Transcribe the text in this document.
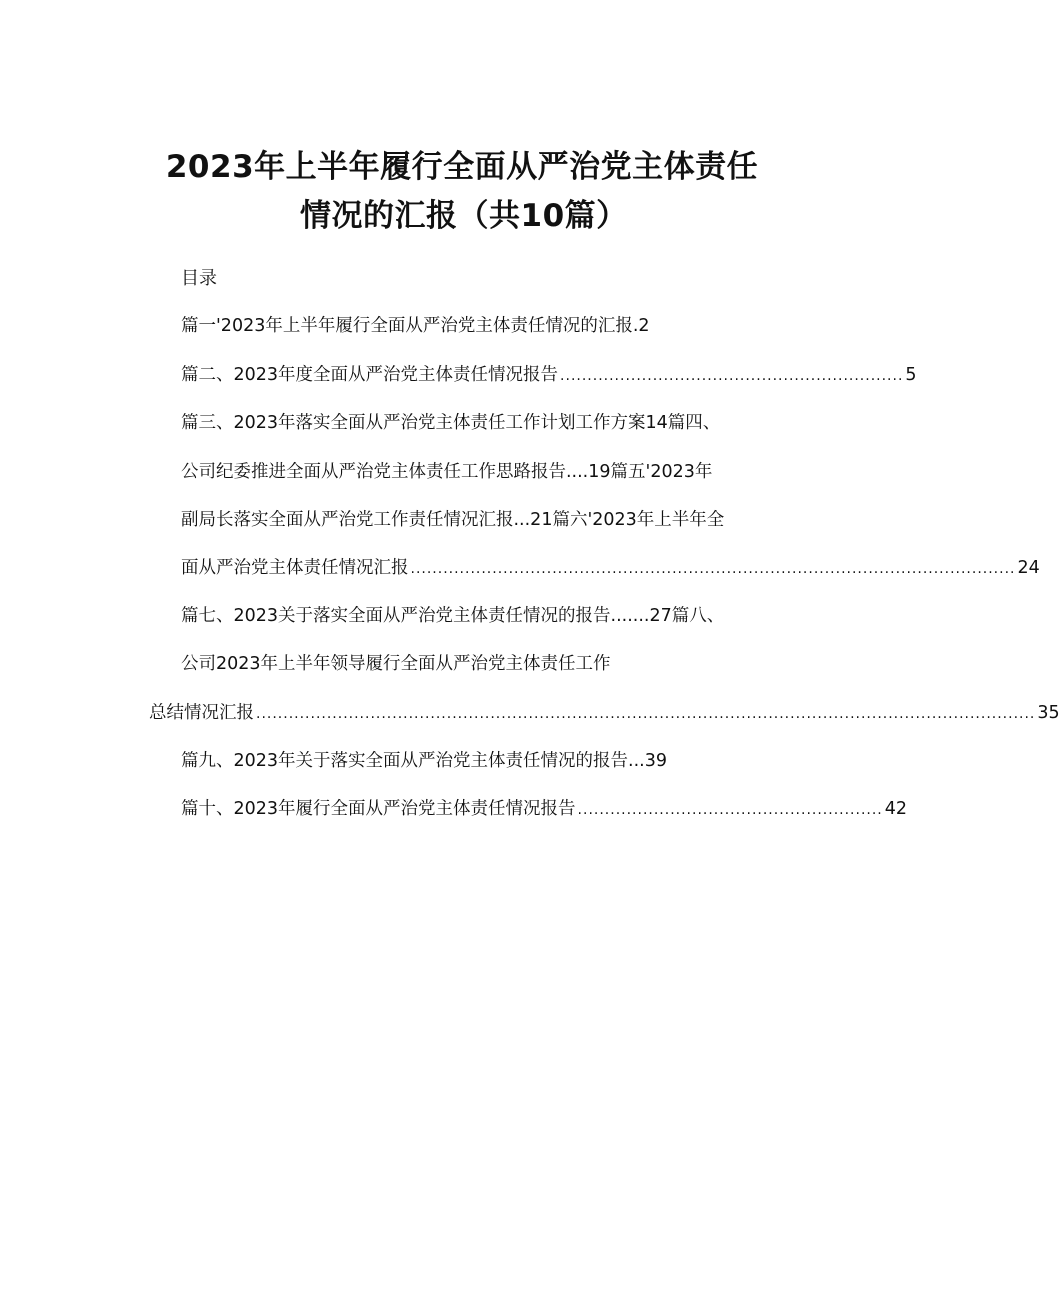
2023年上半年履行全面从严治党主体责任
情况的汇报（共10篇）
目录
篇一'2023年上半年履行全面从严治党主体责任情况的汇报.2
篇二、2023年度全面从严治党主体责任情况报告 ............................................................... 5
篇三、2023年落实全面从严治党主体责任工作计划工作方案14篇四、
公司纪委推进全面从严治党主体责任工作思路报告....19篇五'2023年
副局长落实全面从严治党工作责任情况汇报...21篇六'2023年上半年全
面从严治党主体责任情况汇报 ............................................................................................................... 24
篇七、2023关于落实全面从严治党主体责任情况的报告.......27篇八、
公司2023年上半年领导履行全面从严治党主体责任工作
总结情况汇报 ............................................................................................................................................... 35
篇九、2023年关于落实全面从严治党主体责任情况的报告...39
篇十、2023年履行全面从严治党主体责任情况报告 ........................................................ 42
